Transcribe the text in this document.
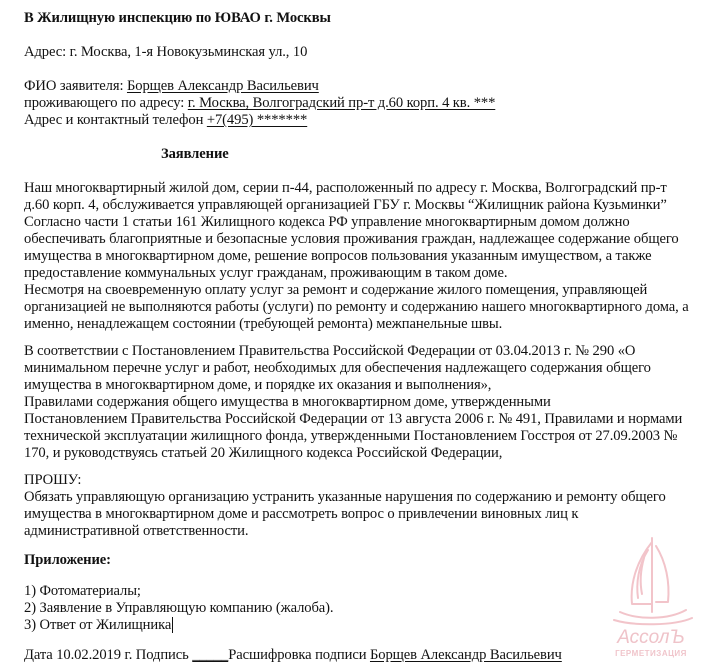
В Жилищную инспекцию по ЮВАО г. Москвы
Адрес: г. Москва, 1-я Новокузьминская ул., 10
ФИО заявителя: Борщев Александр Васильевич
проживающего по адресу: г. Москва, Волгоградский пр-т д.60 корп. 4 кв. ***
Адрес и контактный телефон +7(495) *******
Заявление
Наш многоквартирный жилой дом, серии п-44, расположенный по адресу г. Москва, Волгоградский пр-т
д.60 корп. 4, обслуживается управляющей организацией ГБУ г. Москвы “Жилищник района Кузьминки”
Согласно части 1 статьи 161 Жилищного кодекса РФ управление многоквартирным домом должно
обеспечивать благоприятные и безопасные условия проживания граждан, надлежащее содержание общего
имущества в многоквартирном доме, решение вопросов пользования указанным имуществом, а также
предоставление коммунальных услуг гражданам, проживающим в таком доме.
Несмотря на своевременную оплату услуг за ремонт и содержание жилого помещения, управляющей
организацией не выполняются работы (услуги) по ремонту и содержанию нашего многоквартирного дома, а
именно, ненадлежащем состоянии (требующей ремонта) межпанельные швы.
В соответствии с Постановлением Правительства Российской Федерации от 03.04.2013 г. № 290 «О
минимальном перечне услуг и работ, необходимых для обеспечения надлежащего содержания общего
имущества в многоквартирном доме, и порядке их оказания и выполнения»,
Правилами содержания общего имущества в многоквартирном доме, утвержденными
Постановлением Правительства Российской Федерации от 13 августа 2006 г. № 491, Правилами и нормами
технической эксплуатации жилищного фонда, утвержденными Постановлением Госстроя от 27.09.2003 №
170, и руководствуясь статьей 20 Жилищного кодекса Российской Федерации,
ПРОШУ:
Обязать управляющую организацию устранить указанные нарушения по содержанию и ремонту общего
имущества в многоквартирном доме и рассмотреть вопрос о привлечении виновных лиц к
административной ответственности.
Приложение:
1) Фотоматериалы;
2) Заявление в Управляющую компанию (жалоба).
3) Ответ от Жилищника
Дата 10.02.2019 г. Подпись _____Расшифровка подписи Борщев Александр Васильевич
АссолЪ
ГЕРМЕТИЗАЦИЯ
